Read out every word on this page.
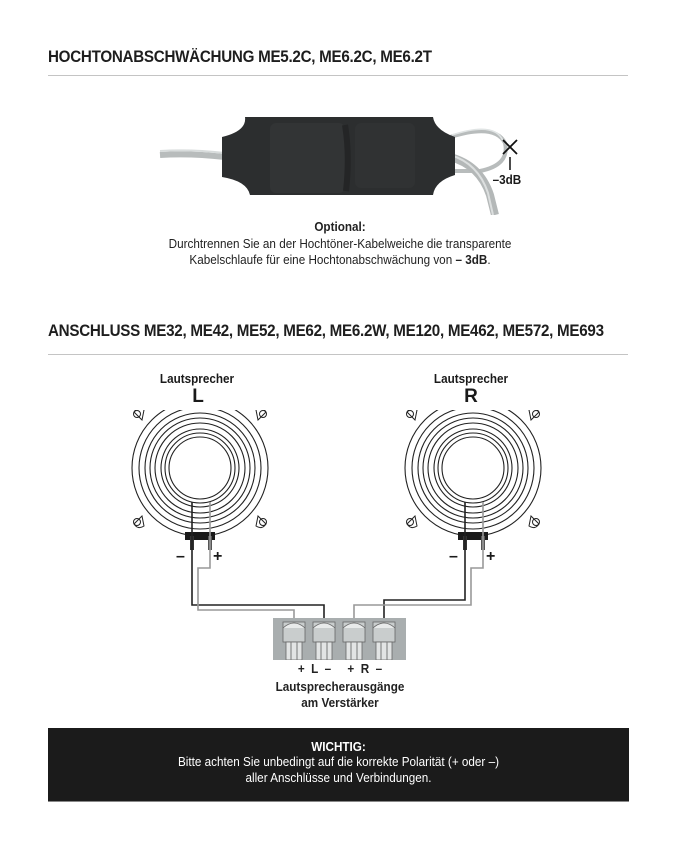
HOCHTONABSCHWÄCHUNG ME5.2C, ME6.2C, ME6.2T
–3dB
Optional:
Durchtrennen Sie an der Hochtöner-Kabelweiche die transparente
Kabelschlaufe für eine Hochtonabschwächung von – 3dB.
ANSCHLUSS ME32, ME42, ME52, ME62, ME6.2W, ME120, ME462, ME572, ME693
Lautsprecher
L
Lautsprecher
R
– +	– +
+  L  –     +  R  –
Lautsprecherausgänge
am Verstärker
WICHTIG:
Bitte achten Sie unbedingt auf die korrekte Polarität (+ oder –)
aller Anschlüsse und Verbindungen.
